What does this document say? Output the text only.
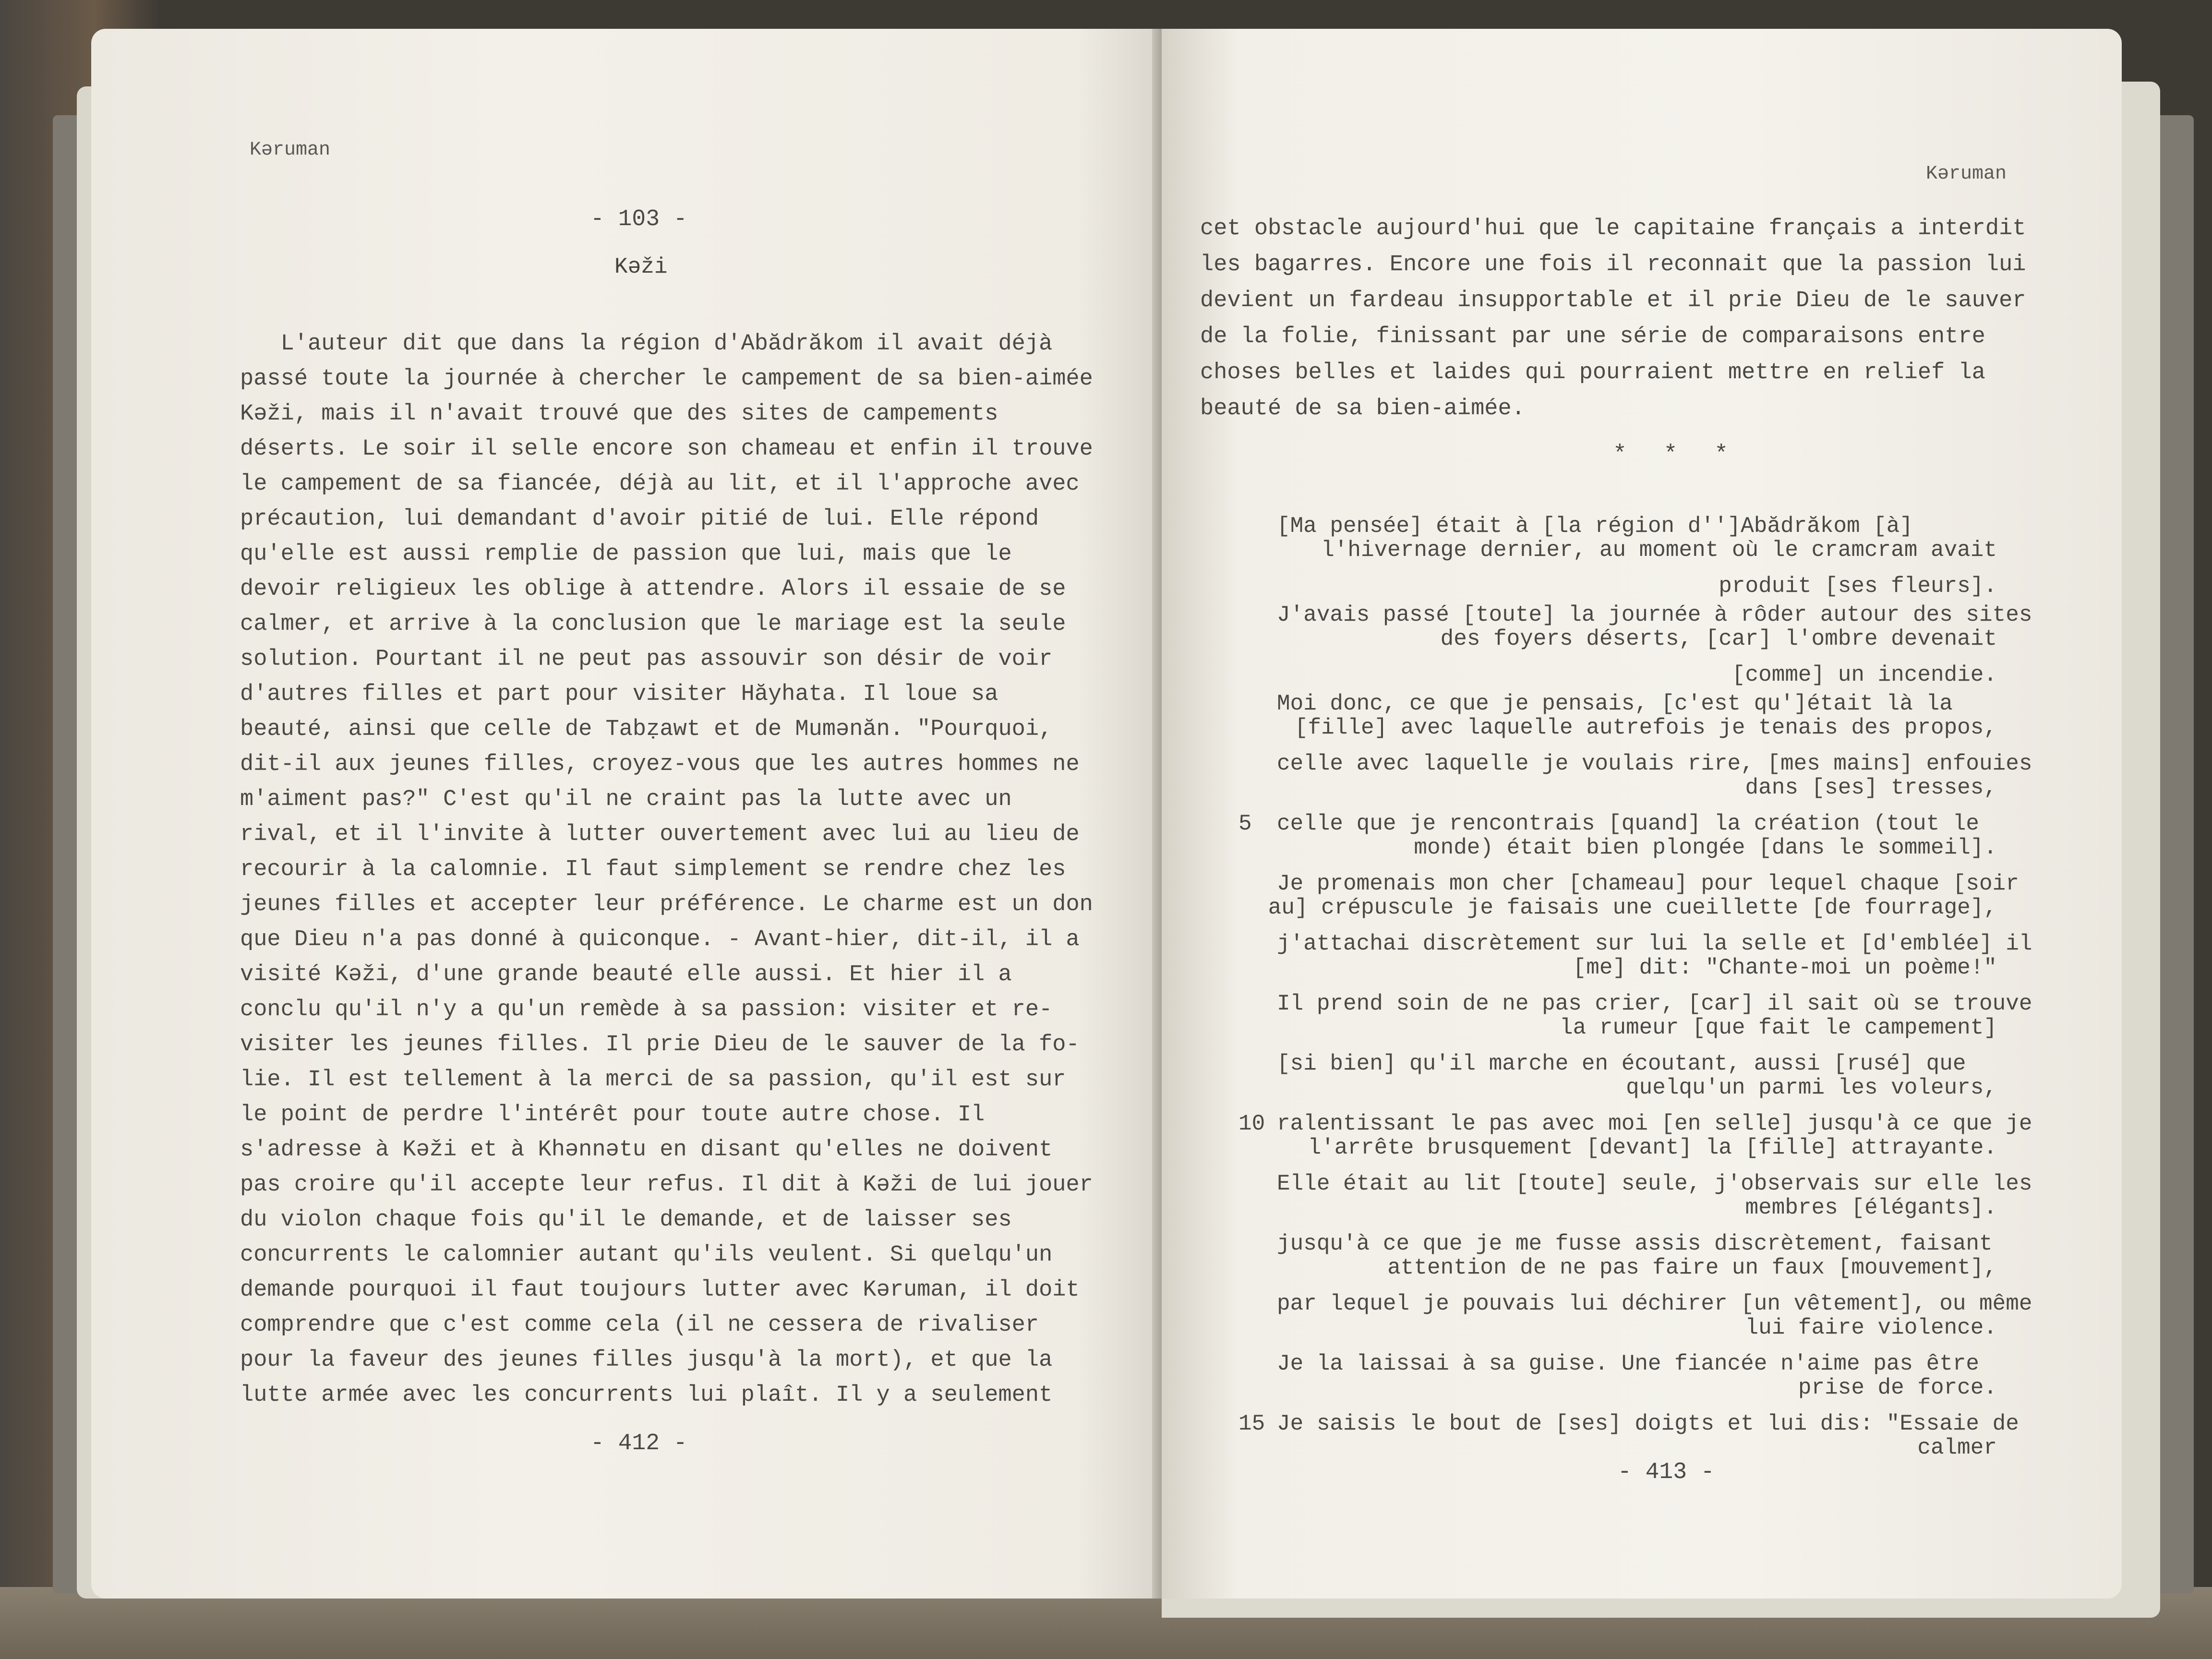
Kəruman
- 103 -
Kəži
L'auteur dit que dans la région d'Abădrăkom il avait déjà
passé toute la journée à chercher le campement de sa bien-aimée
Kəži, mais il n'avait trouvé que des sites de campements
déserts. Le soir il selle encore son chameau et enfin il trouve
le campement de sa fiancée, déjà au lit, et il l'approche avec
précaution, lui demandant d'avoir pitié de lui. Elle répond
qu'elle est aussi remplie de passion que lui, mais que le
devoir religieux les oblige à attendre. Alors il essaie de se
calmer, et arrive à la conclusion que le mariage est la seule
solution. Pourtant il ne peut pas assouvir son désir de voir
d'autres filles et part pour visiter Hăyhata. Il loue sa
beauté, ainsi que celle de Tabẓawt et de Mumənăn. "Pourquoi,
dit-il aux jeunes filles, croyez-vous que les autres hommes ne
m'aiment pas?" C'est qu'il ne craint pas la lutte avec un
rival, et il l'invite à lutter ouvertement avec lui au lieu de
recourir à la calomnie. Il faut simplement se rendre chez les
jeunes filles et accepter leur préférence. Le charme est un don
que Dieu n'a pas donné à quiconque. - Avant-hier, dit-il, il a
visité Kəži, d'une grande beauté elle aussi. Et hier il a
conclu qu'il n'y a qu'un remède à sa passion: visiter et re-
visiter les jeunes filles. Il prie Dieu de le sauver de la fo-
lie. Il est tellement à la merci de sa passion, qu'il est sur
le point de perdre l'intérêt pour toute autre chose. Il
s'adresse à Kəži et à Khənnətu en disant qu'elles ne doivent
pas croire qu'il accepte leur refus. Il dit à Kəži de lui jouer
du violon chaque fois qu'il le demande, et de laisser ses
concurrents le calomnier autant qu'ils veulent. Si quelqu'un
demande pourquoi il faut toujours lutter avec Kəruman, il doit
comprendre que c'est comme cela (il ne cessera de rivaliser
pour la faveur des jeunes filles jusqu'à la mort), et que la
lutte armée avec les concurrents lui plaît. Il y a seulement
- 412 -
Kəruman
cet obstacle aujourd'hui que le capitaine français a interdit
les bagarres. Encore une fois il reconnait que la passion lui
devient un fardeau insupportable et il prie Dieu de le sauver
de la folie, finissant par une série de comparaisons entre
choses belles et laides qui pourraient mettre en relief la
beauté de sa bien-aimée.
* * *
[Ma pensée] était à [la région d'']Abădrăkom [à]
l'hivernage dernier, au moment où le cramcram avait
produit [ses fleurs].
J'avais passé [toute] la journée à rôder autour des sites
des foyers déserts, [car] l'ombre devenait
[comme] un incendie.
Moi donc, ce que je pensais, [c'est qu']était là la
[fille] avec laquelle autrefois je tenais des propos,
celle avec laquelle je voulais rire, [mes mains] enfouies
dans [ses] tresses,
5 celle que je rencontrais [quand] la création (tout le
monde) était bien plongée [dans le sommeil].
Je promenais mon cher [chameau] pour lequel chaque [soir
au] crépuscule je faisais une cueillette [de fourrage],
j'attachai discrètement sur lui la selle et [d'emblée] il
[me] dit: "Chante-moi un poème!"
Il prend soin de ne pas crier, [car] il sait où se trouve
la rumeur [que fait le campement]
[si bien] qu'il marche en écoutant, aussi [rusé] que
quelqu'un parmi les voleurs,
10 ralentissant le pas avec moi [en selle] jusqu'à ce que je
l'arrête brusquement [devant] la [fille] attrayante.
Elle était au lit [toute] seule, j'observais sur elle les
membres [élégants].
jusqu'à ce que je me fusse assis discrètement, faisant
attention de ne pas faire un faux [mouvement],
par lequel je pouvais lui déchirer [un vêtement], ou même
lui faire violence.
Je la laissai à sa guise. Une fiancée n'aime pas être
prise de force.
15 Je saisis le bout de [ses] doigts et lui dis: "Essaie de
calmer
- 413 -
